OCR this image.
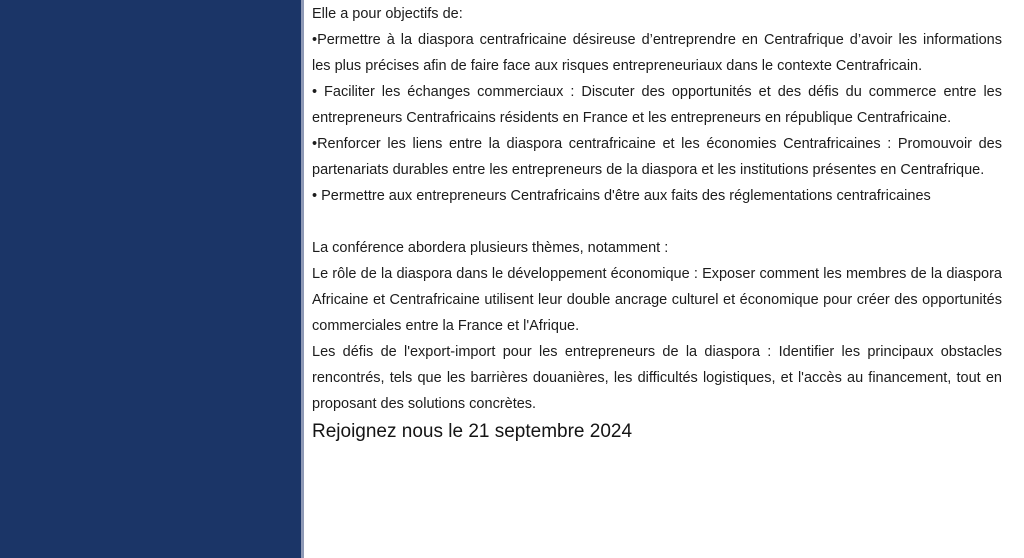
Elle a pour objectifs de:

•Permettre à la diaspora centrafricaine désireuse d’entreprendre en Centrafrique d’avoir les informations les plus précises afin de faire face aux risques entrepreneuriaux dans le contexte Centrafricain.

• Faciliter les échanges commerciaux : Discuter des opportunités et des défis du commerce entre les entrepreneurs Centrafricains résidents en France et les entrepreneurs en république Centrafricaine.

•Renforcer les liens entre la diaspora centrafricaine et les économies Centrafricaines : Promouvoir des partenariats durables entre les entrepreneurs de la diaspora et les institutions présentes en Centrafrique.

• Permettre aux entrepreneurs Centrafricains d'être aux faits des réglementations centrafricaines

La conférence abordera plusieurs thèmes, notamment :

Le rôle de la diaspora dans le développement économique : Exposer comment les membres de la diaspora Africaine et Centrafricaine utilisent leur double ancrage culturel et économique pour créer des opportunités commerciales entre la France et l'Afrique.

Les défis de l'export-import pour les entrepreneurs de la diaspora : Identifier les principaux obstacles rencontrés, tels que les barrières douanières, les difficultés logistiques, et l'accès au financement, tout en proposant des solutions concrètes.

Rejoignez nous le 21 septembre 2024
